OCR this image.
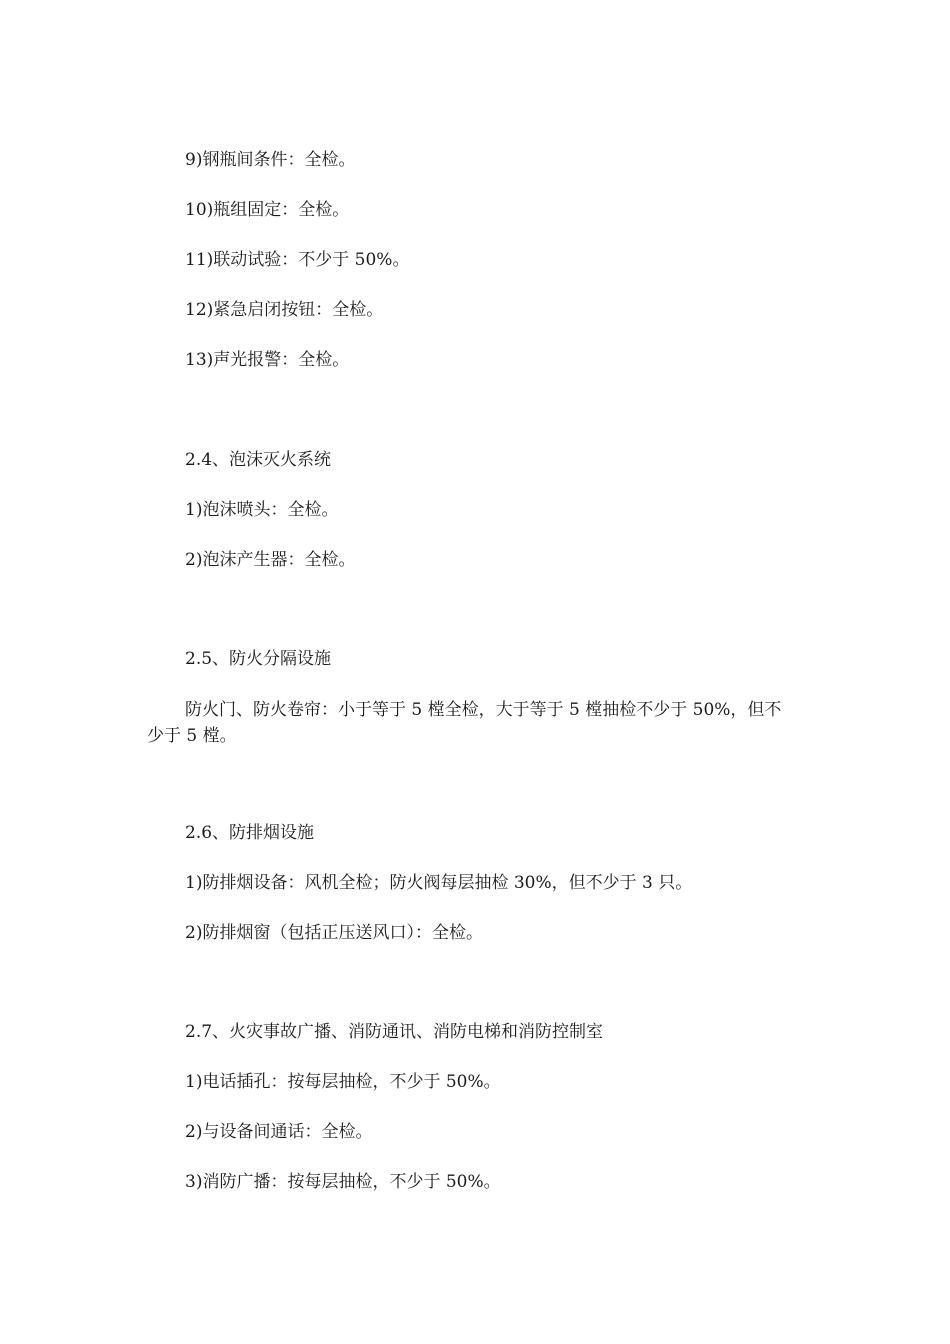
9)钢瓶间条件：全检。
10)瓶组固定：全检。
11)联动试验：不少于 50%。
12)紧急启闭按钮：全检。
13)声光报警：全检。
2.4、泡沫灭火系统
1)泡沫喷头：全检。
2)泡沫产生器：全检。
2.5、防火分隔设施
防火门、防火卷帘：小于等于 5 樘全检，大于等于 5 樘抽检不少于 50%，但不少于 5 樘。
2.6、防排烟设施
1)防排烟设备：风机全检；防火阀每层抽检 30%，但不少于 3 只。
2)防排烟窗（包括正压送风口）：全检。
2.7、火灾事故广播、消防通讯、消防电梯和消防控制室
1)电话插孔：按每层抽检，不少于 50%。
2)与设备间通话：全检。
3)消防广播：按每层抽检，不少于 50%。
